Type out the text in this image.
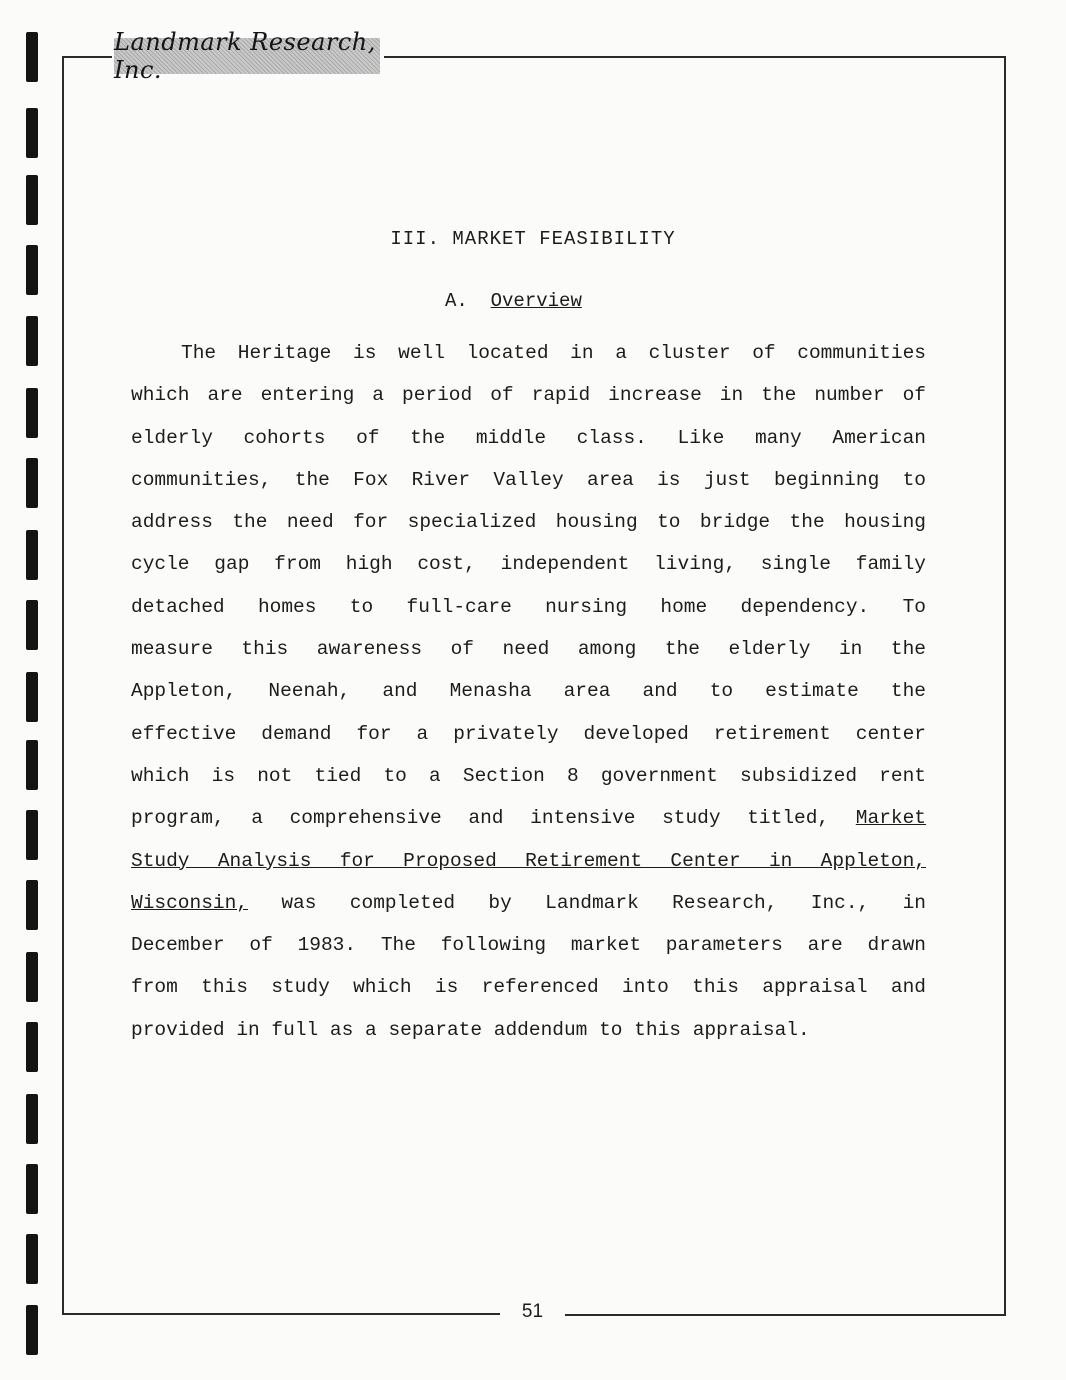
Landmark Research, Inc.
III. MARKET FEASIBILITY
A. Overview
The Heritage is well located in a cluster of communities
which are entering a period of rapid increase in the number of
elderly cohorts of the middle class. Like many American
communities, the Fox River Valley area is just beginning to
address the need for specialized housing to bridge the housing
cycle gap from high cost, independent living, single family
detached homes to full-care nursing home dependency. To
measure this awareness of need among the elderly in the
Appleton, Neenah, and Menasha area and to estimate the
effective demand for a privately developed retirement center
which is not tied to a Section 8 government subsidized rent
program, a comprehensive and intensive study titled, Market
Study Analysis for Proposed Retirement Center in Appleton,
Wisconsin, was completed by Landmark Research, Inc., in
December of 1983. The following market parameters are drawn
from this study which is referenced into this appraisal and
provided in full as a separate addendum to this appraisal.
51
